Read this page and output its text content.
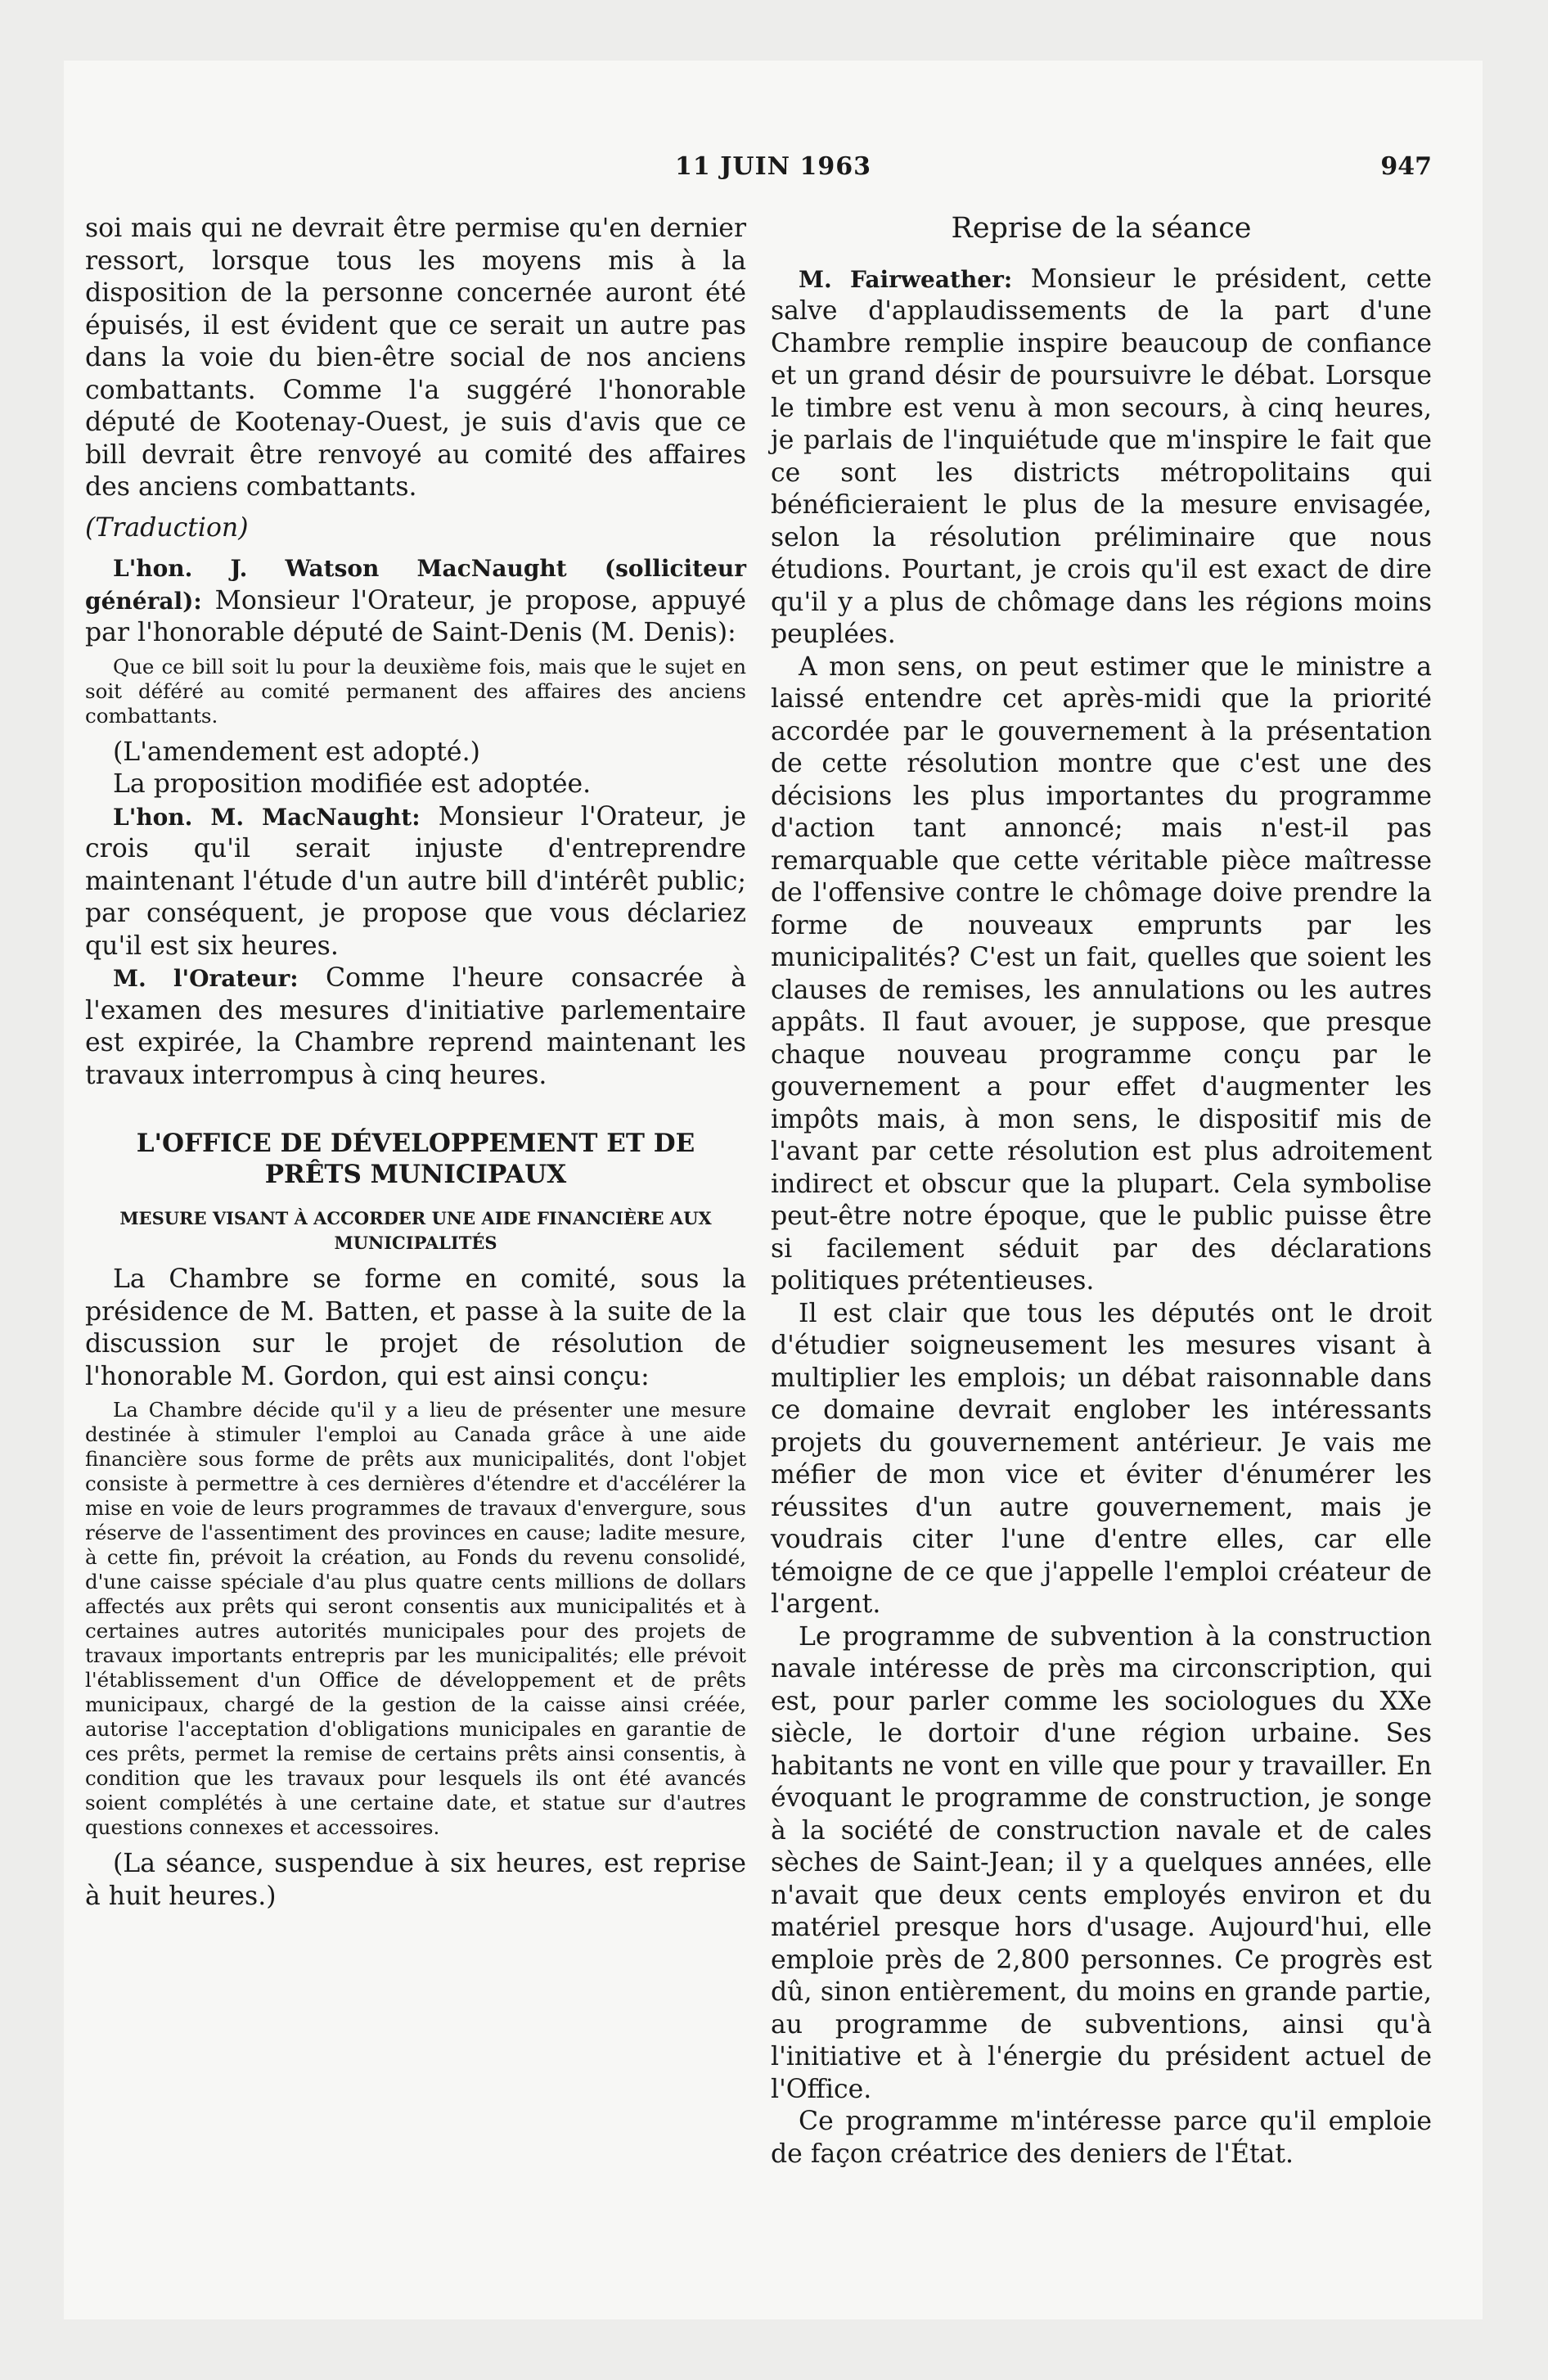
11 JUIN 1963	947

soi mais qui ne devrait être permise qu'en dernier ressort, lorsque tous les moyens mis à la disposition de la personne concernée auront été épuisés, il est évident que ce serait un autre pas dans la voie du bien-être social de nos anciens combattants. Comme l'a suggéré l'honorable député de Kootenay-Ouest, je suis d'avis que ce bill devrait être renvoyé au comité des affaires des anciens combattants.

(Traduction)

L'hon. J. Watson MacNaught (solliciteur général): Monsieur l'Orateur, je propose, appuyé par l'honorable député de Saint-Denis (M. Denis):

Que ce bill soit lu pour la deuxième fois, mais que le sujet en soit déféré au comité permanent des affaires des anciens combattants.

(L'amendement est adopté.)

La proposition modifiée est adoptée.

L'hon. M. MacNaught: Monsieur l'Orateur, je crois qu'il serait injuste d'entreprendre maintenant l'étude d'un autre bill d'intérêt public; par conséquent, je propose que vous déclariez qu'il est six heures.

M. l'Orateur: Comme l'heure consacrée à l'examen des mesures d'initiative parlementaire est expirée, la Chambre reprend maintenant les travaux interrompus à cinq heures.

L'OFFICE DE DÉVELOPPEMENT ET DE PRÊTS MUNICIPAUX

MESURE VISANT À ACCORDER UNE AIDE FINANCIÈRE AUX MUNICIPALITÉS

La Chambre se forme en comité, sous la présidence de M. Batten, et passe à la suite de la discussion sur le projet de résolution de l'honorable M. Gordon, qui est ainsi conçu:

La Chambre décide qu'il y a lieu de présenter une mesure destinée à stimuler l'emploi au Canada grâce à une aide financière sous forme de prêts aux municipalités, dont l'objet consiste à permettre à ces dernières d'étendre et d'accélérer la mise en voie de leurs programmes de travaux d'envergure, sous réserve de l'assentiment des provinces en cause; ladite mesure, à cette fin, prévoit la création, au Fonds du revenu consolidé, d'une caisse spéciale d'au plus quatre cents millions de dollars affectés aux prêts qui seront consentis aux municipalités et à certaines autres autorités municipales pour des projets de travaux importants entrepris par les municipalités; elle prévoit l'établissement d'un Office de développement et de prêts municipaux, chargé de la gestion de la caisse ainsi créée, autorise l'acceptation d'obligations municipales en garantie de ces prêts, permet la remise de certains prêts ainsi consentis, à condition que les travaux pour lesquels ils ont été avancés soient complétés à une certaine date, et statue sur d'autres questions connexes et accessoires.

(La séance, suspendue à six heures, est reprise à huit heures.)

Reprise de la séance

M. Fairweather: Monsieur le président, cette salve d'applaudissements de la part d'une Chambre remplie inspire beaucoup de confiance et un grand désir de poursuivre le débat. Lorsque le timbre est venu à mon secours, à cinq heures, je parlais de l'inquiétude que m'inspire le fait que ce sont les districts métropolitains qui bénéficieraient le plus de la mesure envisagée, selon la résolution préliminaire que nous étudions. Pourtant, je crois qu'il est exact de dire qu'il y a plus de chômage dans les régions moins peuplées.

A mon sens, on peut estimer que le ministre a laissé entendre cet après-midi que la priorité accordée par le gouvernement à la présentation de cette résolution montre que c'est une des décisions les plus importantes du programme d'action tant annoncé; mais n'est-il pas remarquable que cette véritable pièce maîtresse de l'offensive contre le chômage doive prendre la forme de nouveaux emprunts par les municipalités? C'est un fait, quelles que soient les clauses de remises, les annulations ou les autres appâts. Il faut avouer, je suppose, que presque chaque nouveau programme conçu par le gouvernement a pour effet d'augmenter les impôts mais, à mon sens, le dispositif mis de l'avant par cette résolution est plus adroitement indirect et obscur que la plupart. Cela symbolise peut-être notre époque, que le public puisse être si facilement séduit par des déclarations politiques prétentieuses.

Il est clair que tous les députés ont le droit d'étudier soigneusement les mesures visant à multiplier les emplois; un débat raisonnable dans ce domaine devrait englober les intéressants projets du gouvernement antérieur. Je vais me méfier de mon vice et éviter d'énumérer les réussites d'un autre gouvernement, mais je voudrais citer l'une d'entre elles, car elle témoigne de ce que j'appelle l'emploi créateur de l'argent.

Le programme de subvention à la construction navale intéresse de près ma circonscription, qui est, pour parler comme les sociologues du XXe siècle, le dortoir d'une région urbaine. Ses habitants ne vont en ville que pour y travailler. En évoquant le programme de construction, je songe à la société de construction navale et de cales sèches de Saint-Jean; il y a quelques années, elle n'avait que deux cents employés environ et du matériel presque hors d'usage. Aujourd'hui, elle emploie près de 2,800 personnes. Ce progrès est dû, sinon entièrement, du moins en grande partie, au programme de subventions, ainsi qu'à l'initiative et à l'énergie du président actuel de l'Office.

Ce programme m'intéresse parce qu'il emploie de façon créatrice des deniers de l'État.
